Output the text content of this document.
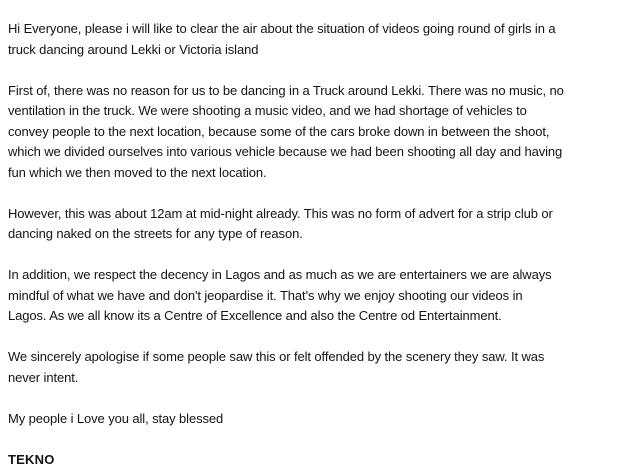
Hi Everyone, please i will like to clear the air about the situation of videos going round of girls in a
truck dancing around Lekki or Victoria island

First of, there was no reason for us to be dancing in a Truck around Lekki. There was no music, no
ventilation in the truck. We were shooting a music video, and we had shortage of vehicles to
convey people to the next location, because some of the cars broke down in between the shoot,
which we divided ourselves into various vehicle because we had been shooting all day and having
fun which we then moved to the next location.

However, this was about 12am at mid-night already. This was no form of advert for a strip club or
dancing naked on the streets for any type of reason.

In addition, we respect the decency in Lagos and as much as we are entertainers we are always
mindful of what we have and don't jeopardise it. That's why we enjoy shooting our videos in
Lagos. As we all know its a Centre of Excellence and also the Centre od Entertainment.

We sincerely apologise if some people saw this or felt offended by the scenery they saw. It was
never intent.

My people i Love you all, stay blessed

TEKNO
